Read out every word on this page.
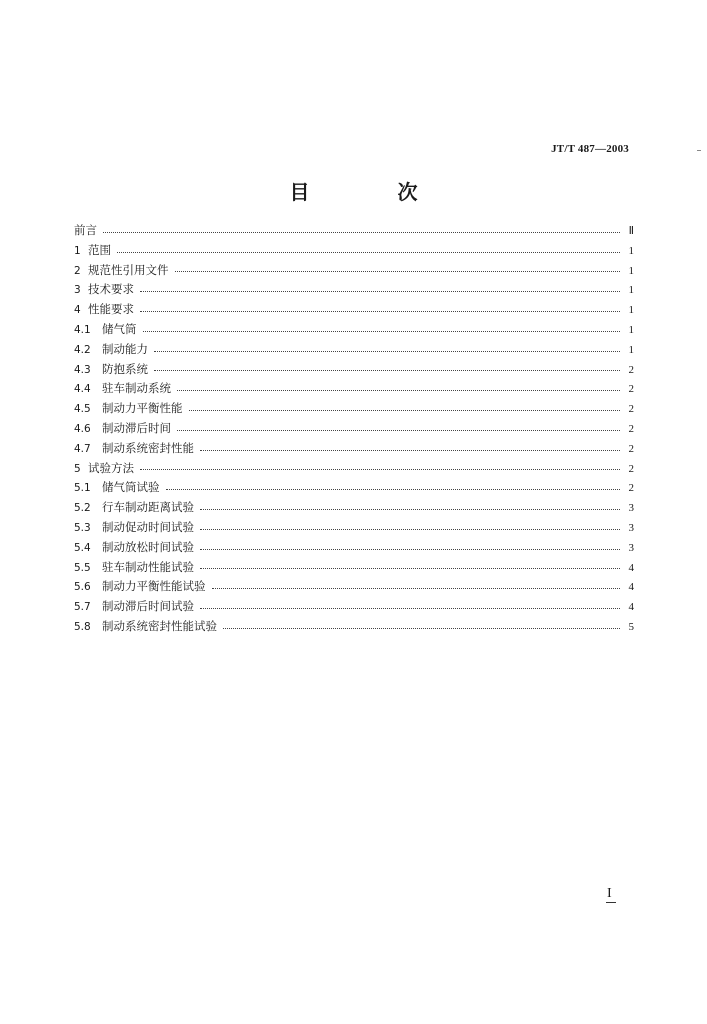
JT/T 487—2003
目　次
前言	Ⅱ
1 范围	1
2 规范性引用文件	1
3 技术要求	1
4 性能要求	1
4.1 储气筒	1
4.2 制动能力	1
4.3 防抱系统	2
4.4 驻车制动系统	2
4.5 制动力平衡性能	2
4.6 制动滞后时间	2
4.7 制动系统密封性能	2
5 试验方法	2
5.1 储气筒试验	2
5.2 行车制动距离试验	3
5.3 制动促动时间试验	3
5.4 制动放松时间试验	3
5.5 驻车制动性能试验	4
5.6 制动力平衡性能试验	4
5.7 制动滞后时间试验	4
5.8 制动系统密封性能试验	5
I
